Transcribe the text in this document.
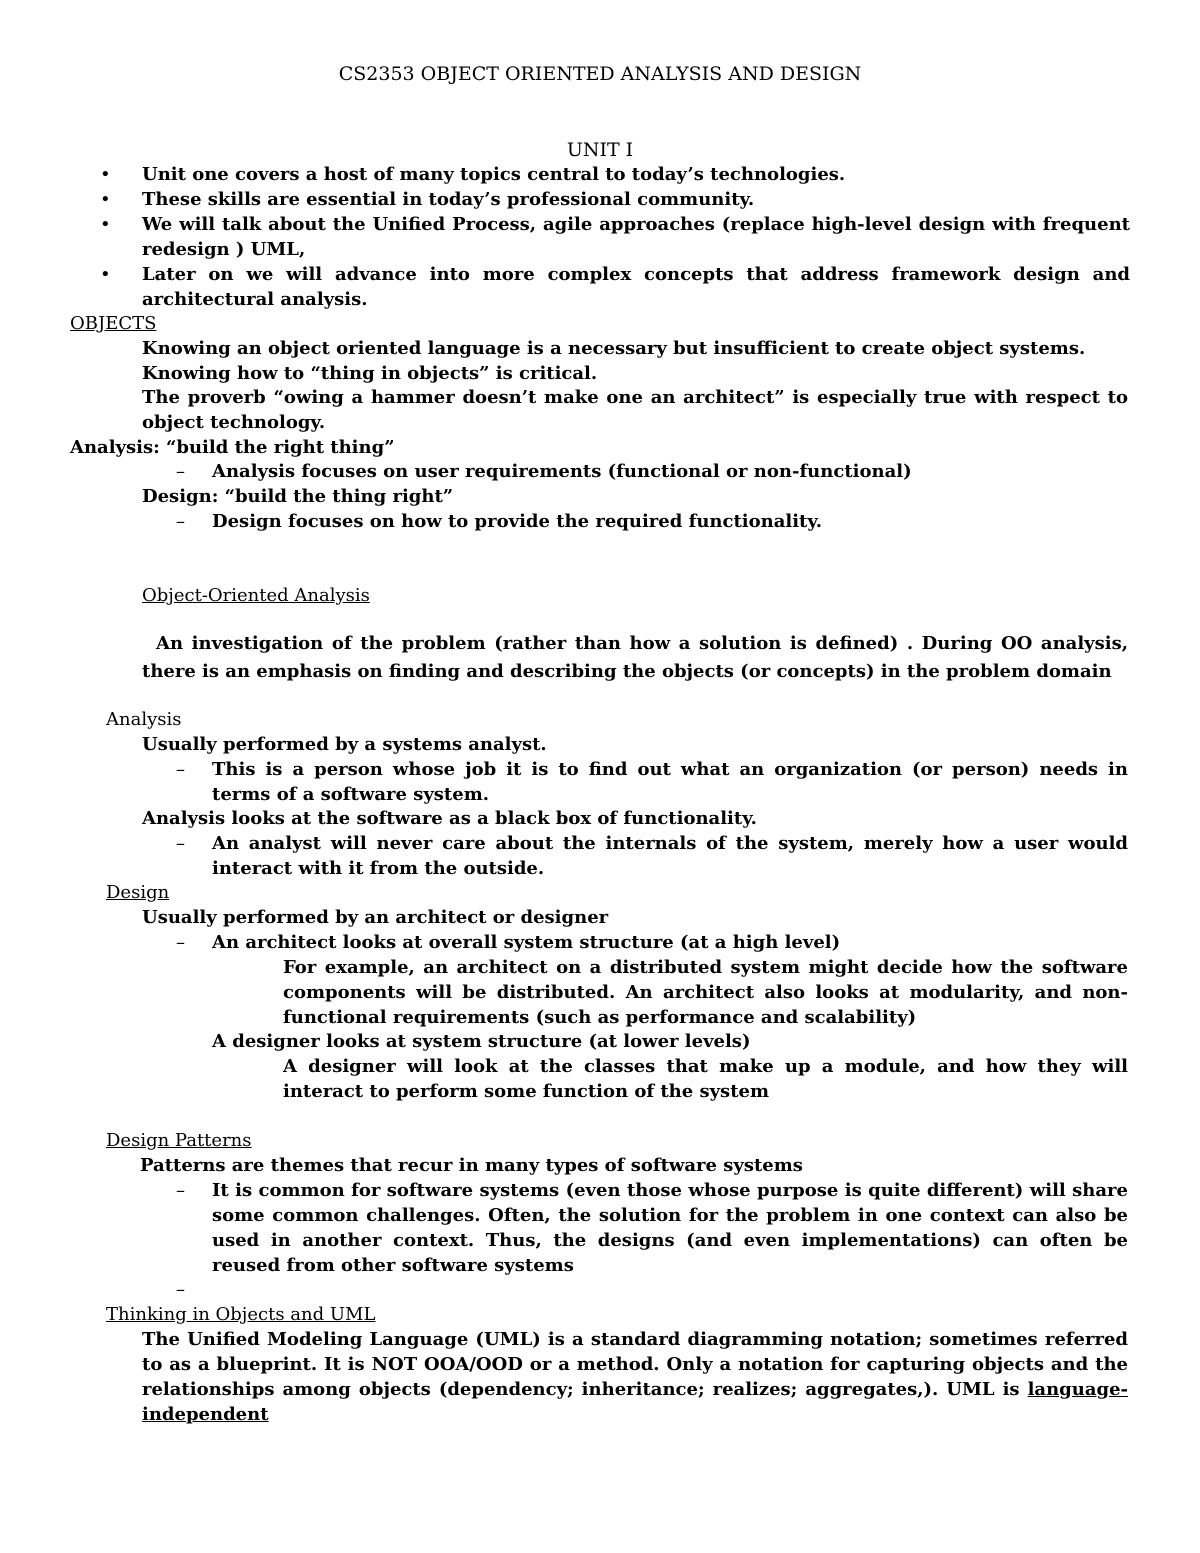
CS2353 OBJECT ORIENTED ANALYSIS AND DESIGN
UNIT I
• Unit one covers a host of many topics central to today’s technologies.
• These skills are essential in today’s professional community.
• We will talk about the Unified Process, agile approaches (replace high-level design with frequent redesign ) UML,
• Later on we will advance into more complex concepts that address framework design and architectural analysis.
OBJECTS
Knowing an object oriented language is a necessary but insufficient to create object systems.
Knowing how to “thing in objects” is critical.
The proverb “owing a hammer doesn’t make one an architect” is especially true with respect to object technology.
Analysis: “build the right thing”
– Analysis focuses on user requirements (functional or non-functional)
Design: “build the thing right”
– Design focuses on how to provide the required functionality.
Object-Oriented Analysis
An investigation of the problem (rather than how a solution is defined) . During OO analysis, there is an emphasis on finding and describing the objects (or concepts) in the problem domain
Analysis
Usually performed by a systems analyst.
– This is a person whose job it is to find out what an organization (or person) needs in terms of a software system.
Analysis looks at the software as a black box of functionality.
– An analyst will never care about the internals of the system, merely how a user would interact with it from the outside.
Design
Usually performed by an architect or designer
– An architect looks at overall system structure (at a high level)
For example, an architect on a distributed system might decide how the software components will be distributed. An architect also looks at modularity, and non-functional requirements (such as performance and scalability)
A designer looks at system structure (at lower levels)
A designer will look at the classes that make up a module, and how they will interact to perform some function of the system
Design Patterns
Patterns are themes that recur in many types of software systems
– It is common for software systems (even those whose purpose is quite different) will share some common challenges. Often, the solution for the problem in one context can also be used in another context. Thus, the designs (and even implementations) can often be reused from other software systems
–
Thinking in Objects and UML
The Unified Modeling Language (UML) is a standard diagramming notation; sometimes referred to as a blueprint. It is NOT OOA/OOD or a method. Only a notation for capturing objects and the relationships among objects (dependency; inheritance; realizes; aggregates,). UML is language-independent
